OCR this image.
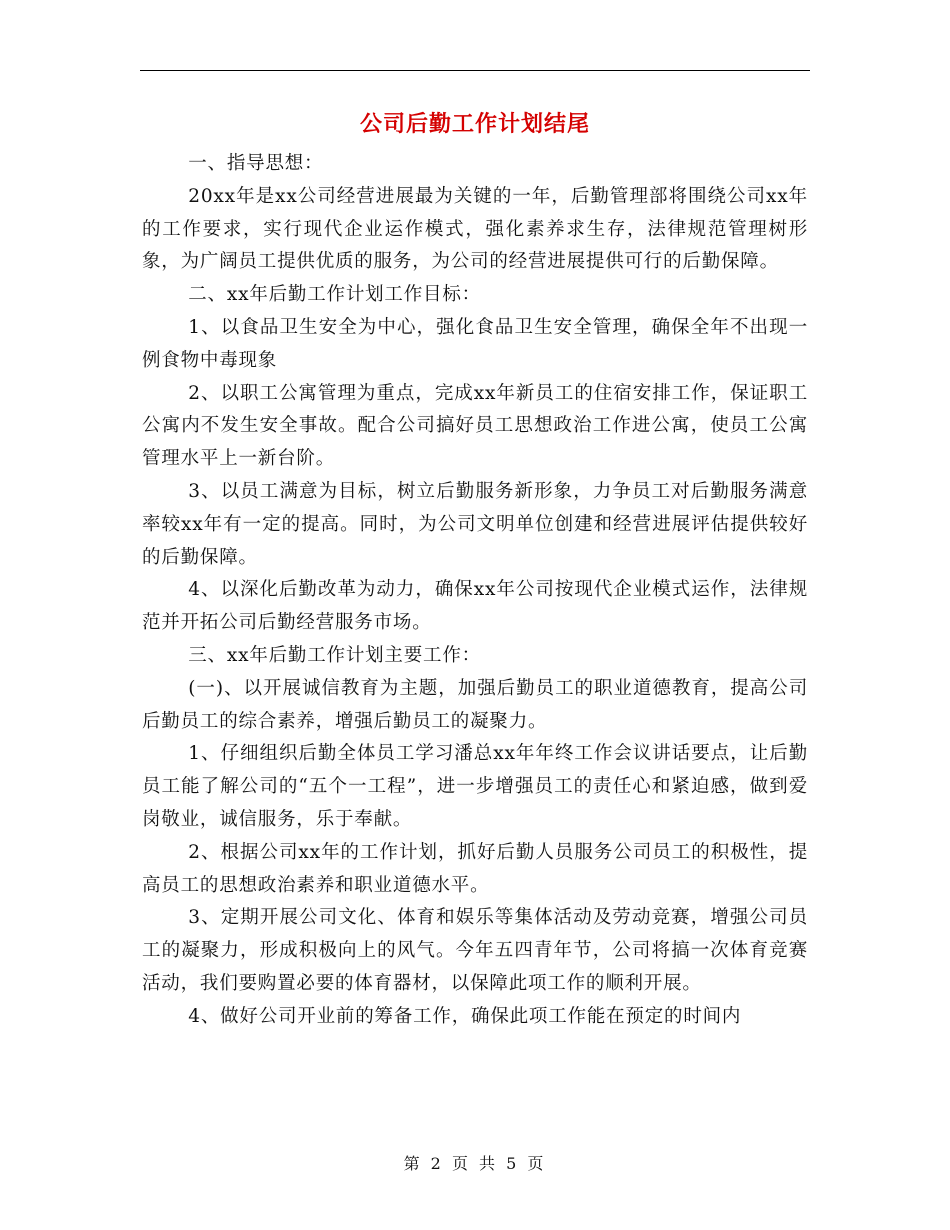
公司后勤工作计划结尾

一、指导思想：

20xx年是xx公司经营进展最为关键的一年，后勤管理部将围绕公司xx年的工作要求，实行现代企业运作模式，强化素养求生存，法律规范管理树形象，为广阔员工提供优质的服务，为公司的经营进展提供可行的后勤保障。

二、xx年后勤工作计划工作目标：

1、以食品卫生安全为中心，强化食品卫生安全管理，确保全年不出现一例食物中毒现象

2、以职工公寓管理为重点，完成xx年新员工的住宿安排工作，保证职工公寓内不发生安全事故。配合公司搞好员工思想政治工作进公寓，使员工公寓管理水平上一新台阶。

3、以员工满意为目标，树立后勤服务新形象，力争员工对后勤服务满意率较xx年有一定的提高。同时，为公司文明单位创建和经营进展评估提供较好的后勤保障。

4、以深化后勤改革为动力，确保xx年公司按现代企业模式运作，法律规范并开拓公司后勤经营服务市场。

三、xx年后勤工作计划主要工作：

(一)、以开展诚信教育为主题，加强后勤员工的职业道德教育，提高公司后勤员工的综合素养，增强后勤员工的凝聚力。

1、仔细组织后勤全体员工学习潘总xx年年终工作会议讲话要点，让后勤员工能了解公司的“五个一工程”，进一步增强员工的责任心和紧迫感，做到爱岗敬业，诚信服务，乐于奉献。

2、根据公司xx年的工作计划，抓好后勤人员服务公司员工的积极性，提高员工的思想政治素养和职业道德水平。

3、定期开展公司文化、体育和娱乐等集体活动及劳动竞赛，增强公司员工的凝聚力，形成积极向上的风气。今年五四青年节，公司将搞一次体育竞赛活动，我们要购置必要的体育器材，以保障此项工作的顺利开展。

4、做好公司开业前的筹备工作，确保此项工作能在预定的时间内

第 2 页 共 5 页
